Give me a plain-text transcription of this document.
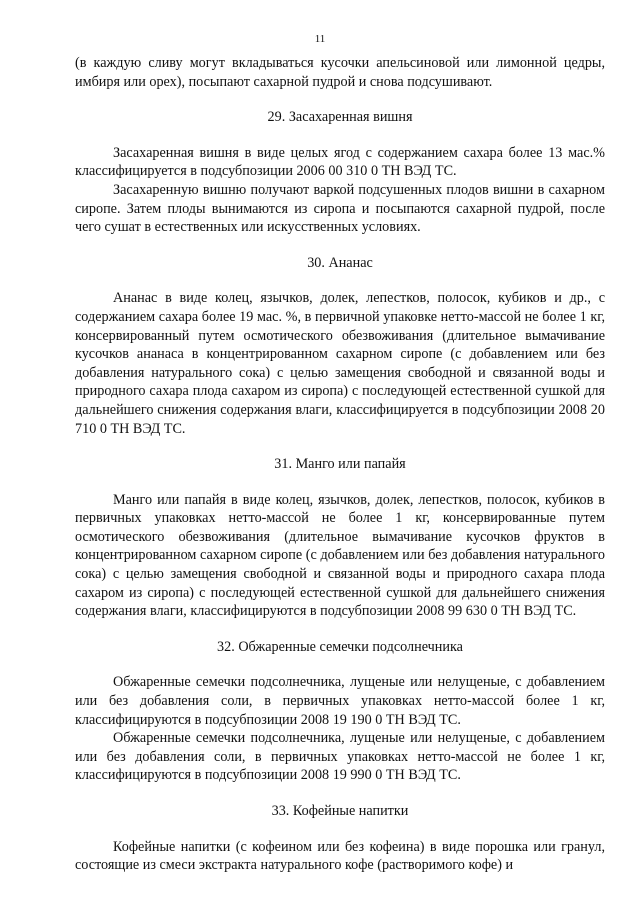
11

(в каждую сливу могут вкладываться кусочки апельсиновой или лимонной цедры, имбиря или орех), посыпают сахарной пудрой и снова подсушивают.

29. Засахаренная вишня

Засахаренная вишня в виде целых ягод с содержанием сахара более 13 мас.% классифицируется в подсубпозиции 2006 00 310 0 ТН ВЭД ТС.

Засахаренную вишню получают варкой подсушенных плодов вишни в сахарном сиропе. Затем плоды вынимаются из сиропа и посыпаются сахарной пудрой, после чего сушат в естественных или искусственных условиях.

30. Ананас

Ананас в виде колец, язычков, долек, лепестков, полосок, кубиков и др., с содержанием сахара более 19 мас. %, в первичной упаковке нетто-массой не более 1 кг, консервированный путем осмотического обезвоживания (длительное вымачивание кусочков ананаса в концентрированном сахарном сиропе (с добавлением или без добавления натурального сока) с целью замещения свободной и связанной воды и природного сахара плода сахаром из сиропа) с последующей естественной сушкой для дальнейшего снижения содержания влаги, классифицируется в подсубпозиции 2008 20 710 0 ТН ВЭД ТС.

31. Манго или папайя

Манго или папайя в виде колец, язычков, долек, лепестков, полосок, кубиков в первичных упаковках нетто-массой не более 1 кг, консервированные путем осмотического обезвоживания (длительное вымачивание кусочков фруктов в концентрированном сахарном сиропе (с добавлением или без добавления натурального сока) с целью замещения свободной и связанной воды и природного сахара плода сахаром из сиропа) с последующей естественной сушкой для дальнейшего снижения содержания влаги, классифицируются в подсубпозиции 2008 99 630 0 ТН ВЭД ТС.

32. Обжаренные семечки подсолнечника

Обжаренные семечки подсолнечника, лущеные или нелущеные, с добавлением или без добавления соли, в первичных упаковках нетто-массой более 1 кг, классифицируются в подсубпозиции 2008 19 190 0 ТН ВЭД ТС.

Обжаренные семечки подсолнечника, лущеные или нелущеные, с добавлением или без добавления соли, в первичных упаковках нетто-массой не более 1 кг, классифицируются в подсубпозиции 2008 19 990 0 ТН ВЭД ТС.

33. Кофейные напитки

Кофейные напитки (с кофеином или без кофеина) в виде порошка или гранул, состоящие из смеси экстракта натурального кофе (растворимого кофе) и
